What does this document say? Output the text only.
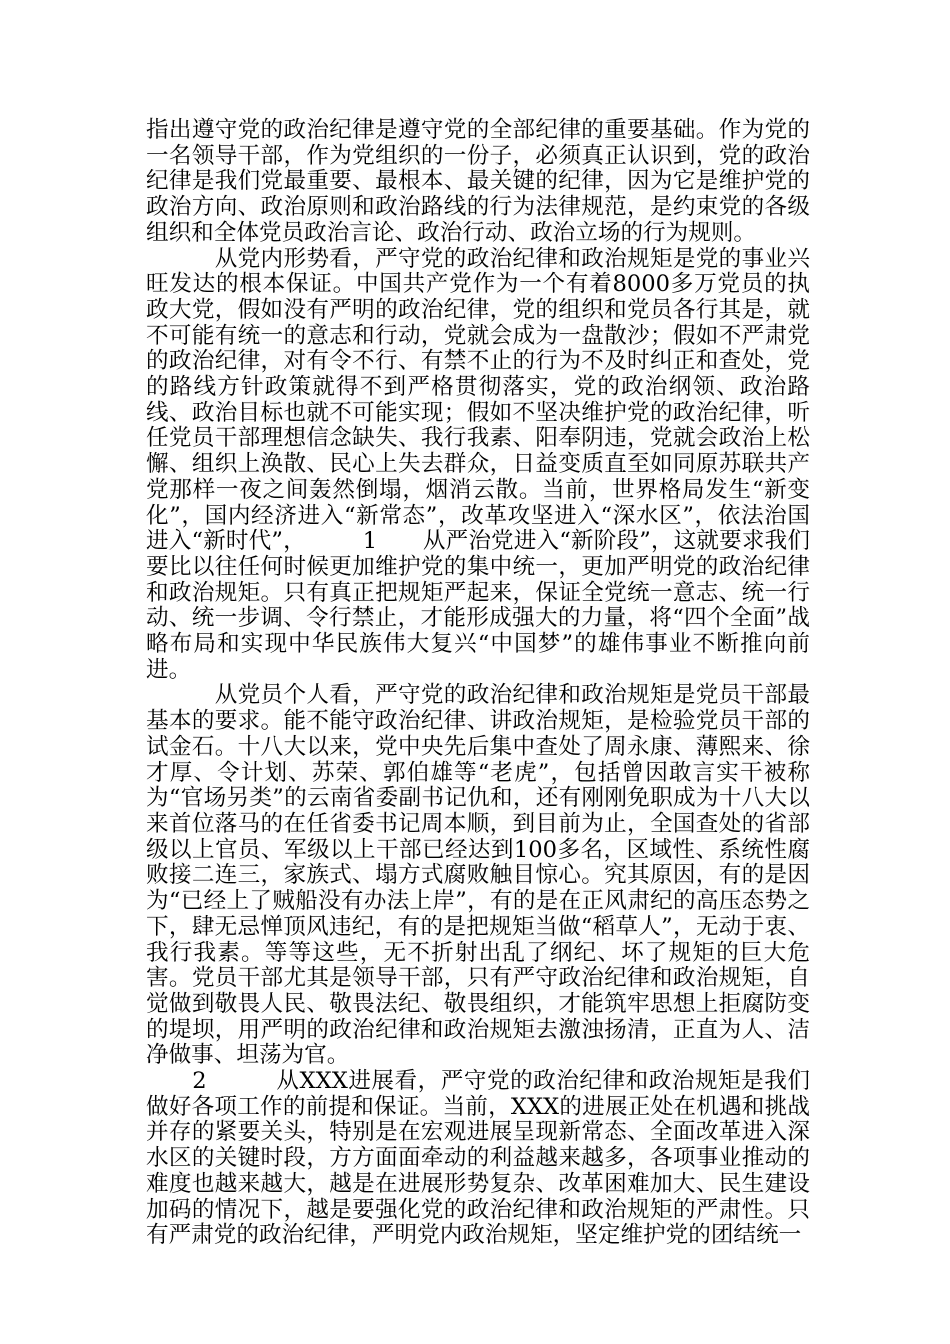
指出遵守党的政治纪律是遵守党的全部纪律的重要基础。作为党的一名领导干部，作为党组织的一份子，必须真正认识到，党的政治纪律是我们党最重要、最根本、最关键的纪律，因为它是维护党的政治方向、政治原则和政治路线的行为法律规范，是约束党的各级组织和全体党员政治言论、政治行动、政治立场的行为规则。

　　　从党内形势看，严守党的政治纪律和政治规矩是党的事业兴旺发达的根本保证。中国共产党作为一个有着8000多万党员的执政大党，假如没有严明的政治纪律，党的组织和党员各行其是，就不可能有统一的意志和行动，党就会成为一盘散沙；假如不严肃党的政治纪律，对有令不行、有禁不止的行为不及时纠正和查处，党的路线方针政策就得不到严格贯彻落实，党的政治纲领、政治路线、政治目标也就不可能实现；假如不坚决维护党的政治纪律，听任党员干部理想信念缺失、我行我素、阳奉阴违，党就会政治上松懈、组织上涣散、民心上失去群众，日益变质直至如同原苏联共产党那样一夜之间轰然倒塌，烟消云散。当前，世界格局发生“新变化”，国内经济进入“新常态”，改革攻坚进入“深水区”，依法治国进入“新时代”，　　　1　　从严治党进入“新阶段”，这就要求我们要比以往任何时候更加维护党的集中统一，更加严明党的政治纪律和政治规矩。只有真正把规矩严起来，保证全党统一意志、统一行动、统一步调、令行禁止，才能形成强大的力量，将“四个全面”战略布局和实现中华民族伟大复兴“中国梦”的雄伟事业不断推向前进。

　　　从党员个人看，严守党的政治纪律和政治规矩是党员干部最基本的要求。能不能守政治纪律、讲政治规矩，是检验党员干部的试金石。十八大以来，党中央先后集中查处了周永康、薄熙来、徐才厚、令计划、苏荣、郭伯雄等“老虎”，包括曾因敢言实干被称为“官场另类”的云南省委副书记仇和，还有刚刚免职成为十八大以来首位落马的在任省委书记周本顺，到目前为止，全国查处的省部级以上官员、军级以上干部已经达到100多名，区域性、系统性腐败接二连三，家族式、塌方式腐败触目惊心。究其原因，有的是因为“已经上了贼船没有办法上岸”，有的是在正风肃纪的高压态势之下，肆无忌惮顶风违纪，有的是把规矩当做“稻草人”，无动于衷、我行我素。等等这些，无不折射出乱了纲纪、坏了规矩的巨大危害。党员干部尤其是领导干部，只有严守政治纪律和政治规矩，自觉做到敬畏人民、敬畏法纪、敬畏组织，才能筑牢思想上拒腐防变的堤坝，用严明的政治纪律和政治规矩去激浊扬清，正直为人、洁净做事、坦荡为官。

　　2　　　从XXX进展看，严守党的政治纪律和政治规矩是我们做好各项工作的前提和保证。当前，XXX的进展正处在机遇和挑战并存的紧要关头，特别是在宏观进展呈现新常态、全面改革进入深水区的关键时段，方方面面牵动的利益越来越多，各项事业推动的难度也越来越大，越是在进展形势复杂、改革困难加大、民生建设加码的情况下，越是要强化党的政治纪律和政治规矩的严肃性。只有严肃党的政治纪律，严明党内政治规矩，坚定维护党的团结统一
